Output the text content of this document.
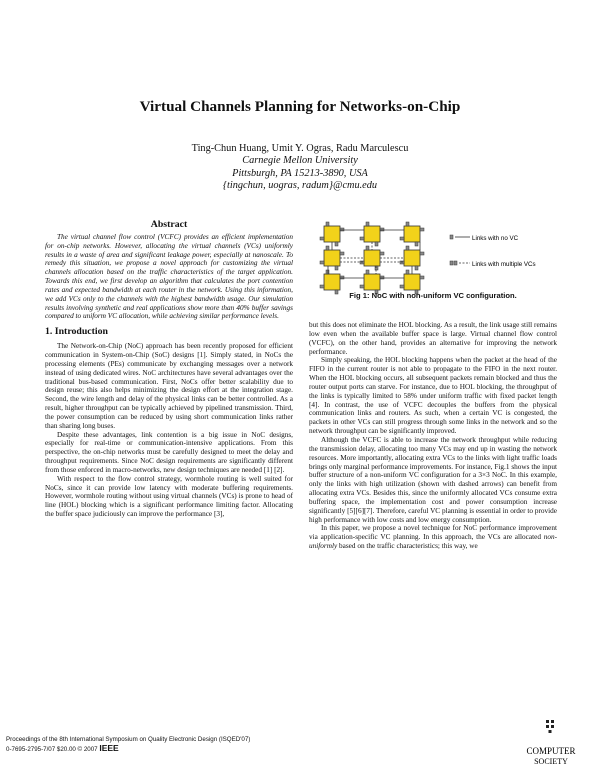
Virtual Channels Planning for Networks-on-Chip
Ting-Chun Huang, Umit Y. Ogras, Radu Marculescu
Carnegie Mellon University
Pittsburgh, PA 15213-3890, USA
{tingchun, uogras, radum}@cmu.edu
Abstract

The virtual channel flow control (VCFC) provides an efficient implementation for on-chip networks. However, allocating the virtual channels (VCs) uniformly results in a waste of area and significant leakage power, especially at nanoscale. To remedy this situation, we propose a novel approach for customizing the virtual channels allocation based on the traffic characteristics of the target application. Towards this end, we first develop an algorithm that calculates the port contention rates and expected bandwidth at each router in the network. Using this information, we add VCs only to the channels with the highest bandwidth usage. Our simulation results involving synthetic and real applications show more than 40% buffer savings compared to uniform VC allocation, while achieving similar performance levels.

1. Introduction

The Network-on-Chip (NoC) approach has been recently proposed for efficient communication in System-on-Chip (SoC) designs [1]. Simply stated, in NoCs the processing elements (PEs) communicate by exchanging messages over a network instead of using dedicated wires. NoC architectures have several advantages over the traditional bus-based communication. First, NoCs offer better scalability due to design reuse; this also helps minimizing the design effort at the integration stage. Second, the wire length and delay of the physical links can be better controlled. As a result, higher throughput can be typically achieved by pipelined transmission. Third, the power consumption can be reduced by using short communication links rather than sharing long buses.

Despite these advantages, link contention is a big issue in NoC designs, especially for real-time or communication-intensive applications. From this perspective, the on-chip networks must be carefully designed to meet the delay and throughput requirements. Since NoC design requirements are significantly different from those enforced in macro-networks, new design techniques are needed [1] [2].

With respect to the flow control strategy, wormhole routing is well suited for NoCs, since it can provide low latency with moderate buffering requirements. However, wormhole routing without using virtual channels (VCs) is prone to head of line (HOL) blocking which is a significant performance limiting factor. Allocating the buffer space judiciously can improve the performance [3],

Links with no VC
Links with multiple VCs
Fig 1: NoC with non-uniform VC configuration.

but this does not eliminate the HOL blocking. As a result, the link usage still remains low even when the available buffer space is large. Virtual channel flow control (VCFC), on the other hand, provides an alternative for improving the network performance.

Simply speaking, the HOL blocking happens when the packet at the head of the FIFO in the current router is not able to propagate to the FIFO in the next router. When the HOL blocking occurs, all subsequent packets remain blocked and thus the router output ports can starve. For instance, due to HOL blocking, the throughput of the links is typically limited to 58% under uniform traffic with fixed packet length [4]. In contrast, the use of VCFC decouples the buffers from the physical communication links and routers. As such, when a certain VC is congested, the packets in other VCs can still progress through some links in the network and so the network throughput can be significantly improved.

Although the VCFC is able to increase the network throughput while reducing the transmission delay, allocating too many VCs may end up in wasting the network resources. More importantly, allocating extra VCs to the links with light traffic loads brings only marginal performance improvements. For instance, Fig.1 shows the input buffer structure of a non-uniform VC configuration for a 3×3 NoC. In this example, only the links with high utilization (shown with dashed arrows) can benefit from allocating extra VCs. Besides this, since the uniformly allocated VCs consume extra buffering space, the implementation cost and power consumption increase significantly [5][6][7]. Therefore, careful VC planning is essential in order to provide high performance with low costs and low energy consumption.

In this paper, we propose a novel technique for NoC performance improvement via application-specific VC planning. In this approach, the VCs are allocated non-uniformly based on the traffic characteristics; this way, we

Proceedings of the 8th International Symposium on Quality Electronic Design (ISQED'07)
0-7695-2795-7/07 $20.00 © 2007 IEEE	COMPUTER
SOCIETY
